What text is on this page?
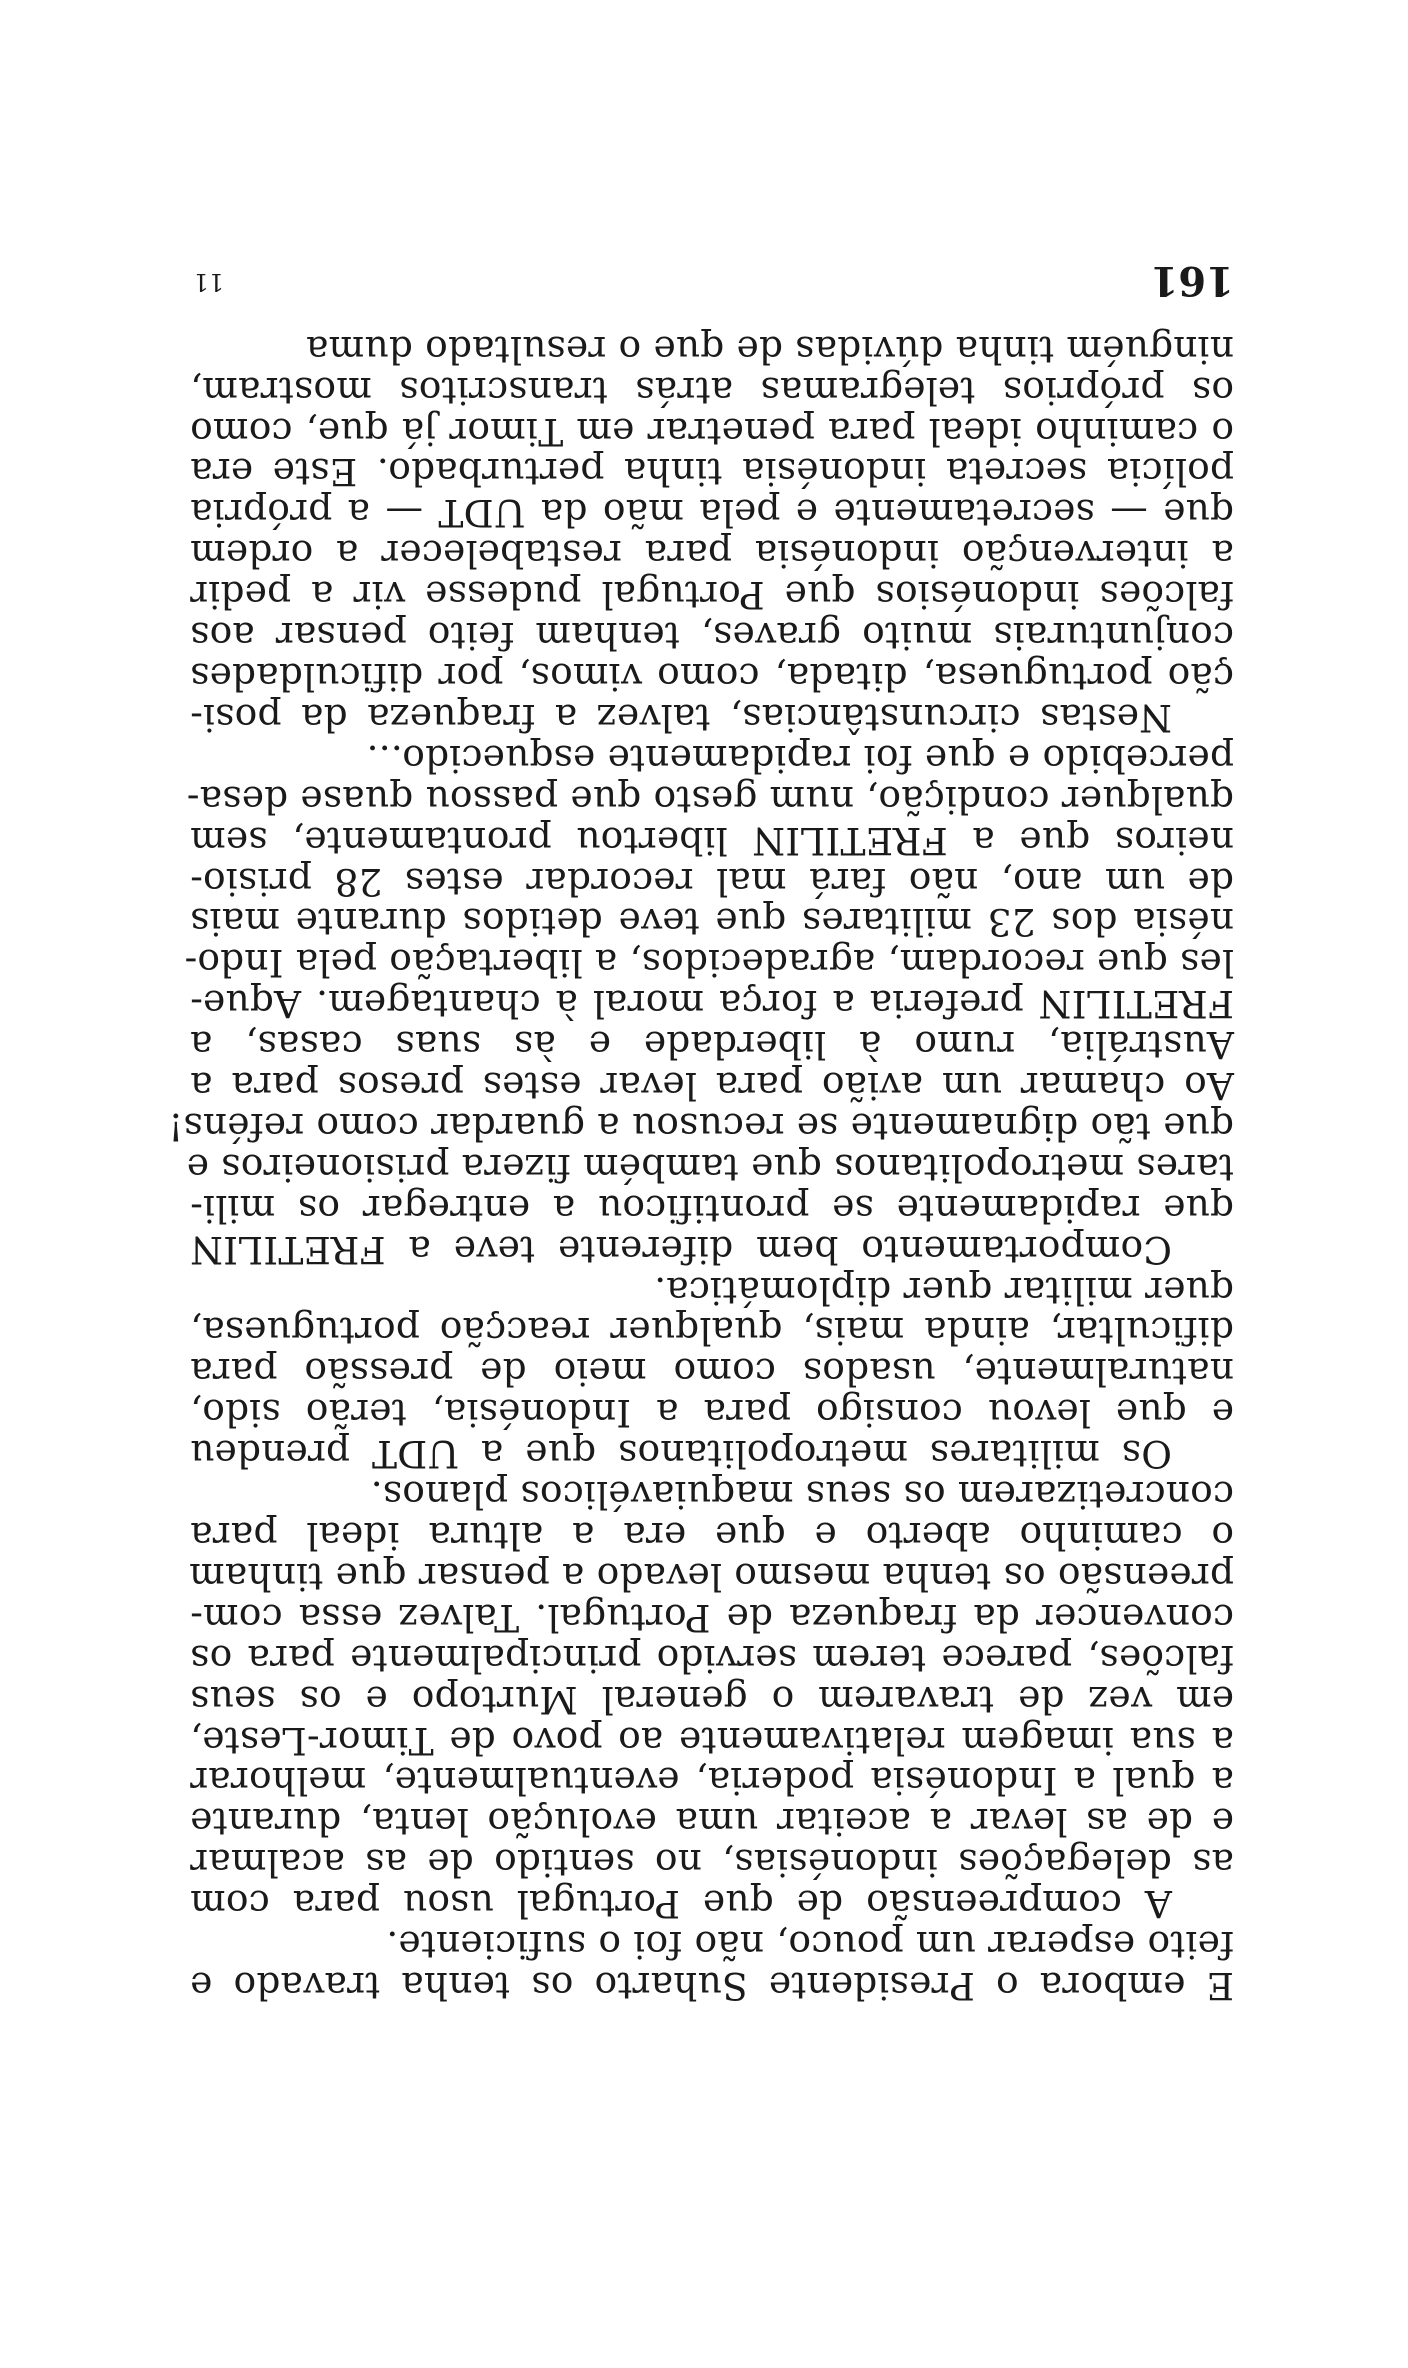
E embora o Presidente Suharto os tenha travado e
feito esperar um pouco, não foi o suficiente.

A compreensão de que Portugal usou para com
as delegações indonésias, no sentido de as acalmar
e de as levar a aceitar uma evolução lenta, durante
a qual a Indonésia poderia, eventualmente, melhorar
a sua imagem relativamente ao povo de Timor-Leste,
em vez de travarem o general Murtopo e os seus
falcões, parece terem servido principalmente para os
convencer da fraqueza de Portugal. Talvez essa com-
preensão os tenha mesmo levado a pensar que tinham
o caminho aberto e que era a altura ideal para
concretizarem os seus maquiavélicos planos.

Os militares metropolitanos que a UDT prendeu
e que levou consigo para a Indonésia, terão sido,
naturalmente, usados como meio de pressão para
dificultar, ainda mais, qualquer reacção portuguesa,
quer militar quer diplomática.

Comportamento bem diferente teve a FRETILIN
que rapidamente se prontificou a entregar os mili-
tares metropolitanos que também fizera prisioneiros e
que tão dignamente se recusou a guardar como reféns!
Ao chamar um avião para levar estes presos para a
Austrália, rumo à liberdade e às suas casas, a
FRETILIN preferia a força moral à chantagem. Aque-
les que recordam, agradecidos, a libertação pela Indo-
nésia dos 23 militares que teve detidos durante mais
de um ano, não fará mal recordar estes 28 prisio-
neiros que a FRETILIN libertou prontamente, sem
qualquer condição, num gesto que passou quase desa-
percebido e que foi rapidamente esquecido...

Nestas circunstâncias, talvez a fraqueza da posi-
ção portuguesa, ditada, como vimos, por dificuldades
conjunturais muito graves, tenham feito pensar aos
falcões indonésios que Portugal pudesse vir a pedir
a intervenção indonésia para restabelecer a ordem
que — secretamente e pela mão da UDT — a própria
polícia secreta indonésia tinha perturbado. Este era
o caminho ideal para penetrar em Timor já que, como
os próprios telegramas atrás transcritos mostram,
ninguém tinha dúvidas de que o resultado duma

161
11
